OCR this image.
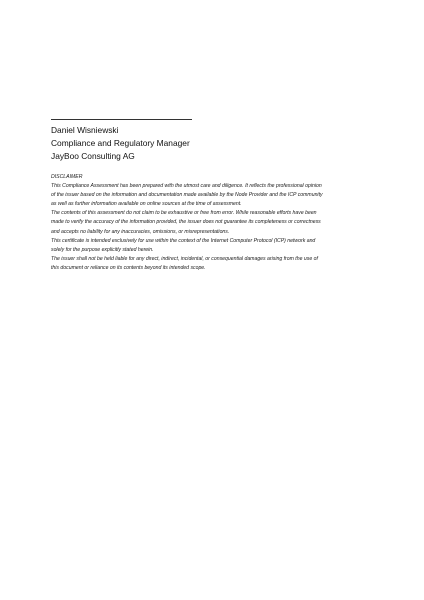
Daniel Wisniewski
Compliance and Regulatory Manager
JayBoo Consulting AG

DISCLAIMER

This Compliance Assessment has been prepared with the utmost care and diligence. It reflects the professional opinion

of the issuer based on the information and documentation made available by the Node Provider and the ICP community

as well as further information available on online sources at the time of assessment.

The contents of this assessment do not claim to be exhaustive or free from error. While reasonable efforts have been

made to verify the accuracy of the information provided, the issuer does not guarantee its completeness or correctness

and accepts no liability for any inaccuracies, omissions, or misrepresentations.

This certificate is intended exclusively for use within the context of the Internet Computer Protocol (ICP) network and

solely for the purpose explicitly stated herein.

The issuer shall not be held liable for any direct, indirect, incidental, or consequential damages arising from the use of

this document or reliance on its contents beyond its intended scope.
